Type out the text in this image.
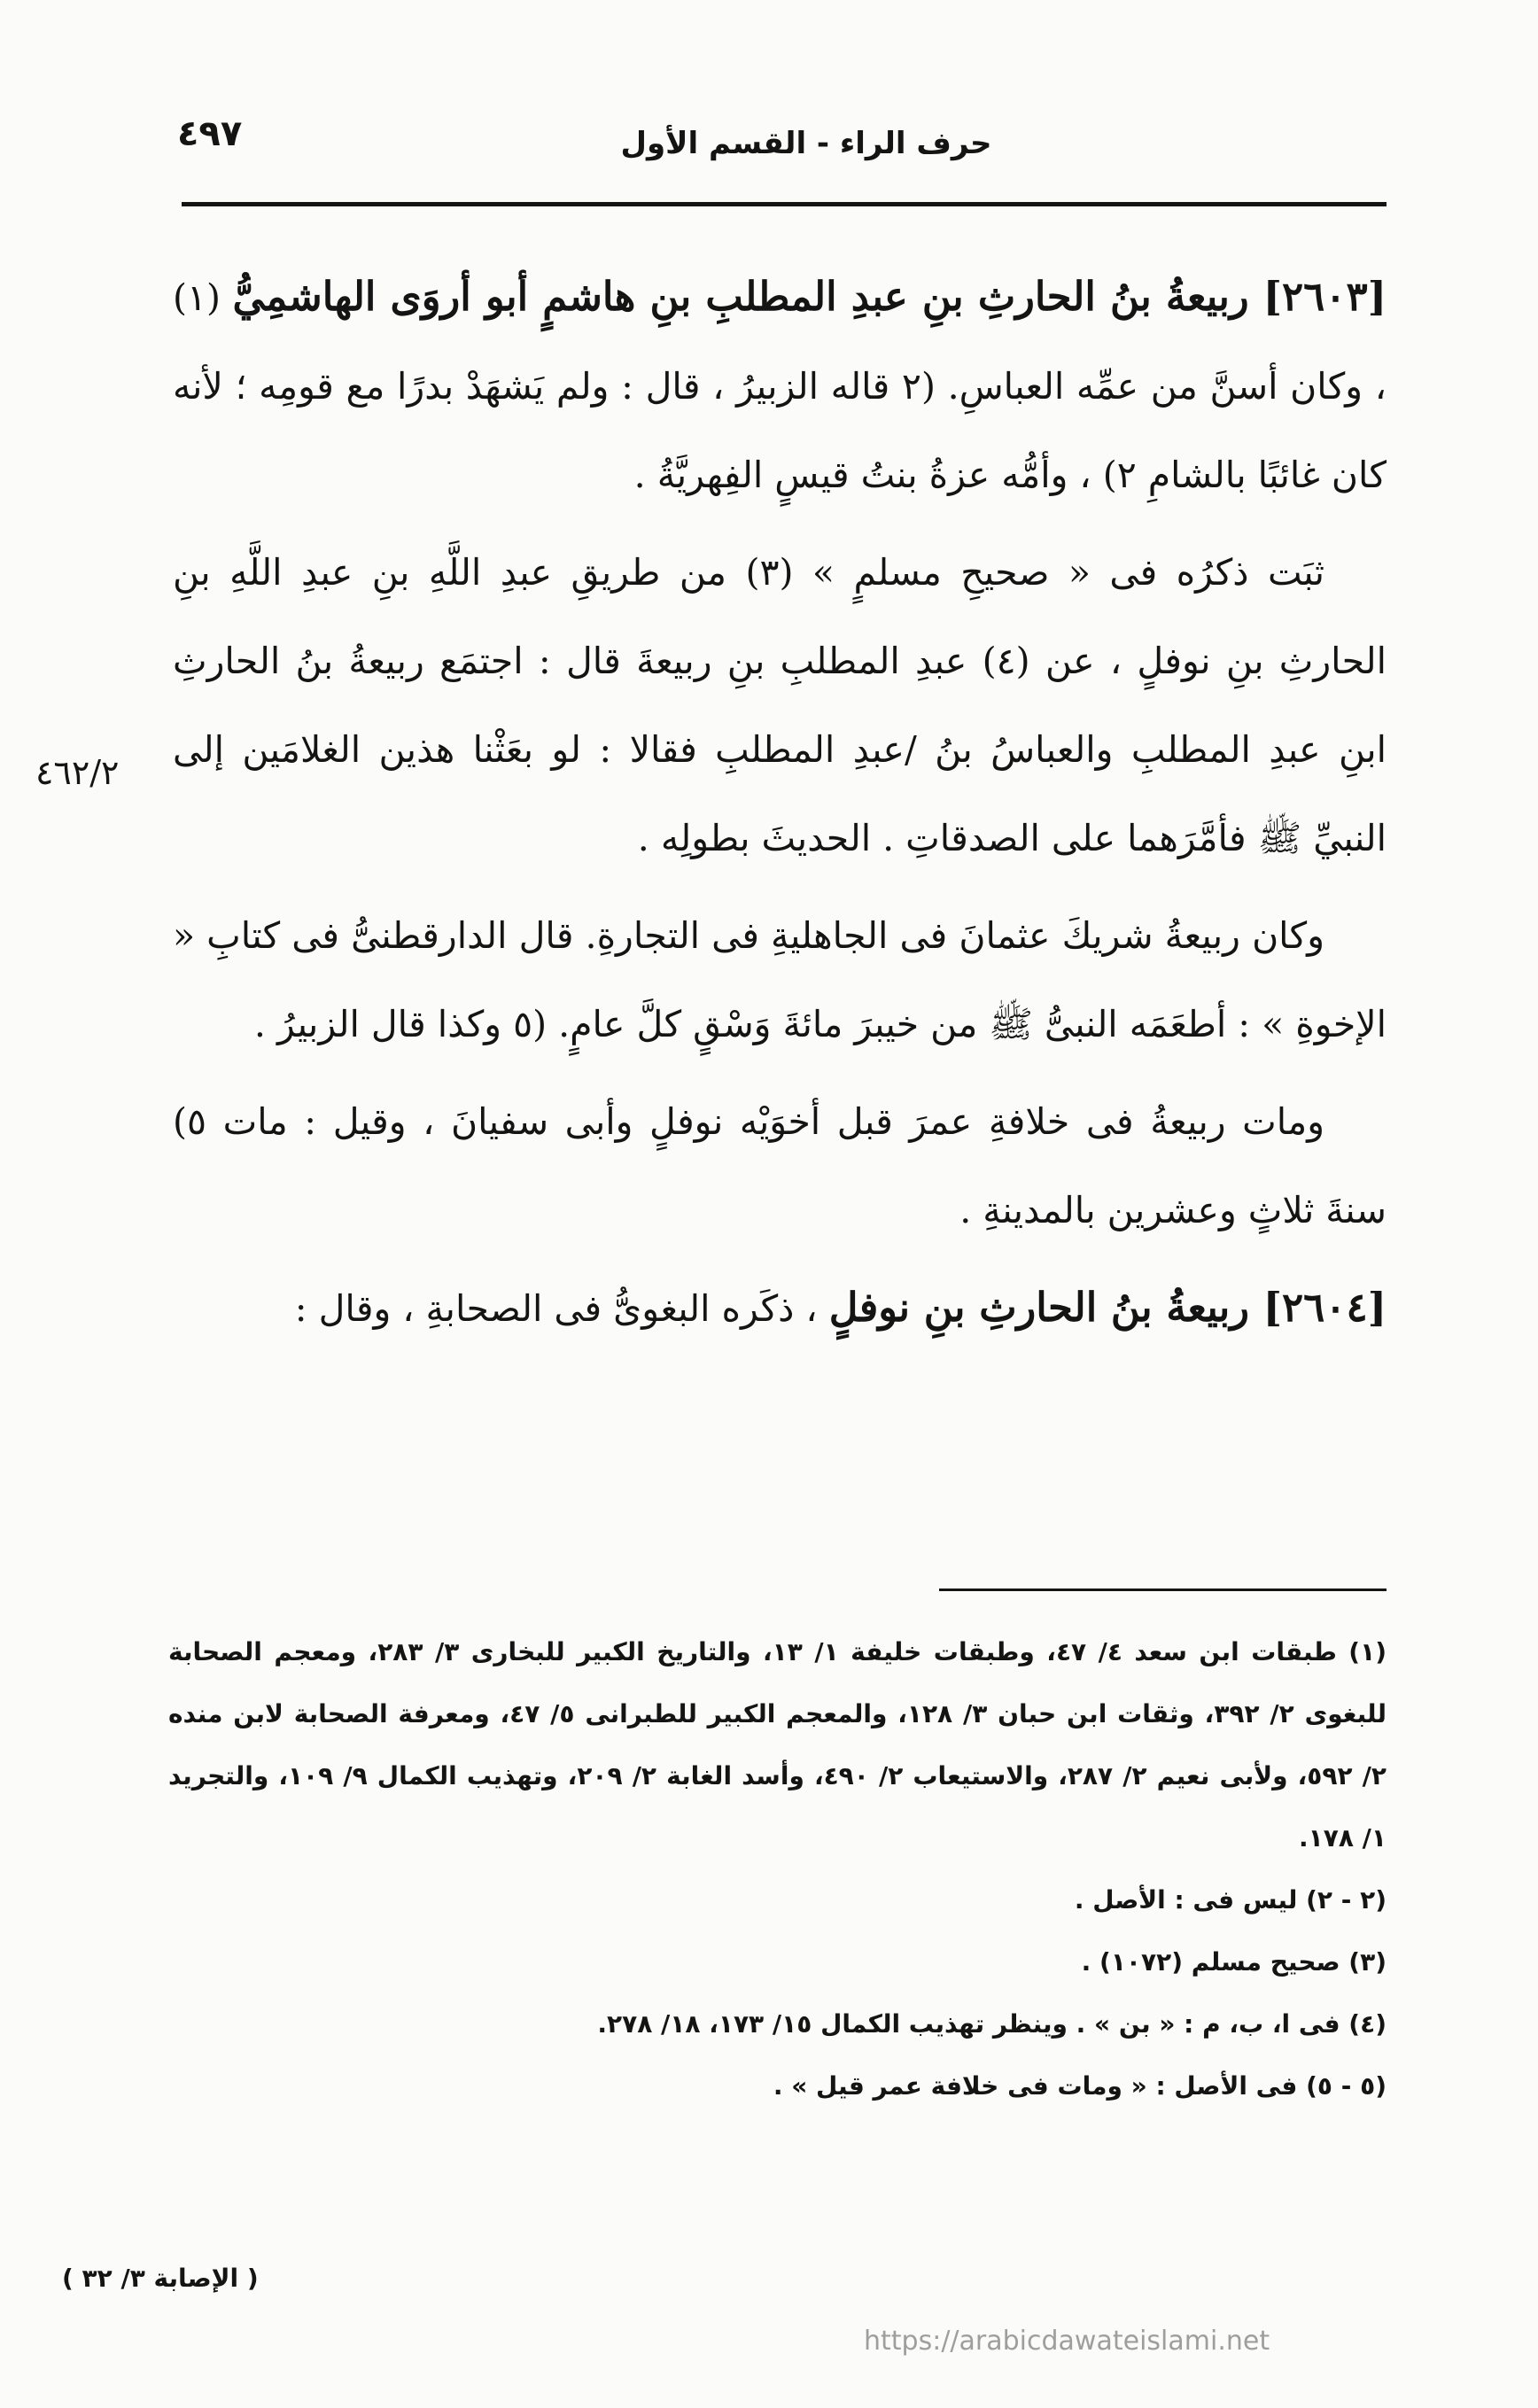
٤٩٧	حرف الراء - القسم الأول

[٢٦٠٣] ربيعةُ بنُ الحارثِ بنِ عبدِ المطلبِ بنِ هاشمٍ أبو أروَى الهاشمِيُّ (١) ، وكان أسنَّ من عمِّه العباسِ. (٢ قاله الزبيرُ ، قال : ولم يَشهَدْ بدرًا مع قومِه ؛ لأنه كان غائبًا بالشامِ ٢) ، وأمُّه عزةُ بنتُ قيسٍ الفِهريَّةُ .

ثبَت ذكرُه فى « صحيحِ مسلمٍ » (٣) من طريقِ عبدِ اللَّهِ بنِ عبدِ اللَّهِ بنِ الحارثِ بنِ نوفلٍ ، عن (٤) عبدِ المطلبِ بنِ ربيعةَ قال : اجتمَع ربيعةُ بنُ الحارثِ ابنِ عبدِ المطلبِ والعباسُ بنُ /عبدِ المطلبِ فقالا : لو بعَثْنا هذين الغلامَين إلى النبيِّ ﷺ فأمَّرَهما على الصدقاتِ . الحديثَ بطولِه .

وكان ربيعةُ شريكَ عثمانَ فى الجاهليةِ فى التجارةِ. قال الدارقطنىُّ فى كتابِ « الإخوةِ » : أطعَمَه النبىُّ ﷺ من خيبرَ مائةَ وَسْقٍ كلَّ عامٍ. (٥ وكذا قال الزبيرُ .

ومات ربيعةُ فى خلافةِ عمرَ قبل أخوَيْه نوفلٍ وأبى سفيانَ ، وقيل : مات ٥) سنةَ ثلاثٍ وعشرين بالمدينةِ .

[٢٦٠٤] ربيعةُ بنُ الحارثِ بنِ نوفلٍ ، ذكَره البغوىُّ فى الصحابةِ ، وقال :

٤٦٢/٢

(١) طبقات ابن سعد ٤/ ٤٧، وطبقات خليفة ١/ ١٣، والتاريخ الكبير للبخارى ٣/ ٢٨٣، ومعجم الصحابة للبغوى ٢/ ٣٩٢، وثقات ابن حبان ٣/ ١٢٨، والمعجم الكبير للطبرانى ٥/ ٤٧، ومعرفة الصحابة لابن منده ٢/ ٥٩٢، ولأبى نعيم ٢/ ٢٨٧، والاستيعاب ٢/ ٤٩٠، وأسد الغابة ٢/ ٢٠٩، وتهذيب الكمال ٩/ ١٠٩، والتجريد ١/ ١٧٨.

(٢ - ٢) ليس فى : الأصل .

(٣) صحيح مسلم (١٠٧٢) .

(٤) فى ا، ب، م : « بن » . وينظر تهذيب الكمال ١٥/ ١٧٣، ١٨/ ٢٧٨.

(٥ - ٥) فى الأصل : « ومات فى خلافة عمر قيل » .

( الإصابة ٣/ ٣٢ )
https://arabicdawateislami.net
